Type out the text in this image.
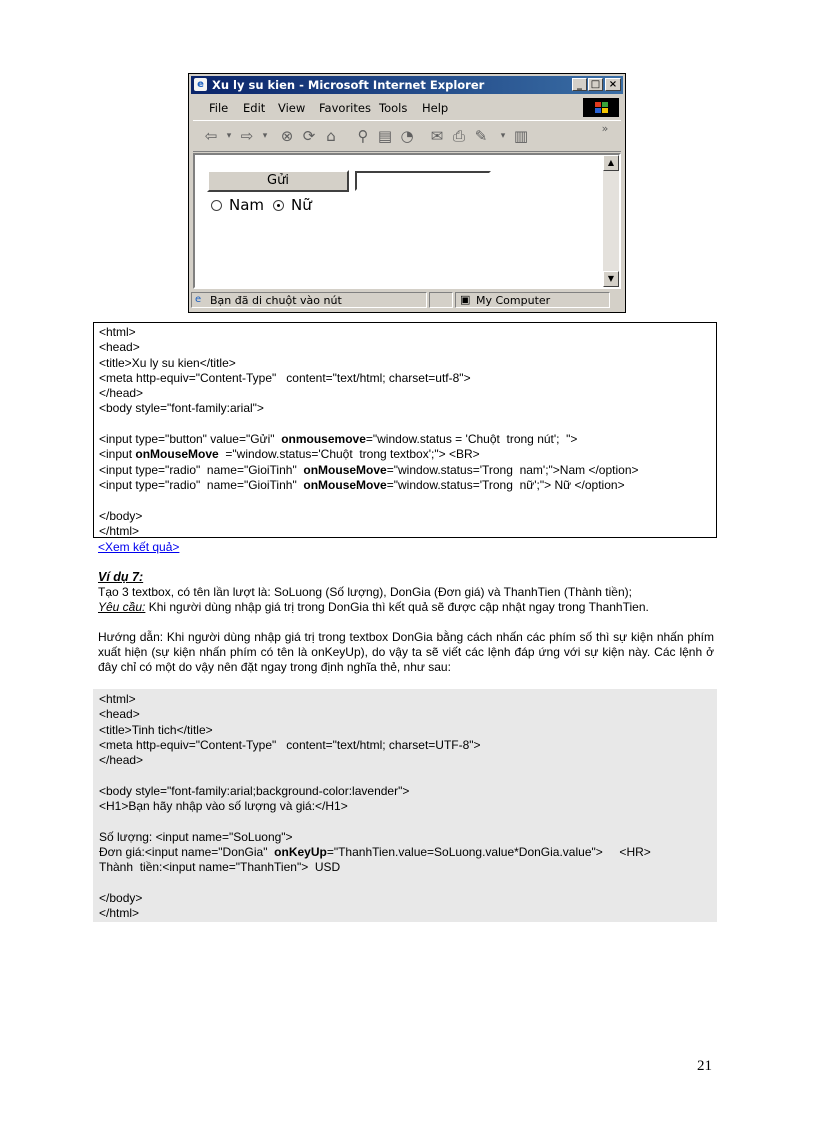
e Xu ly su kien - Microsoft Internet Explorer	_ □ ×
File Edit View Favorites Tools Help
⇦	▾ ⇨	▾ ⊗ ⟳ ⌂	⚲ ▤ ◔ ✉ ⎙ ✎	▾ ▥	»
Gửi
Nam Nữ
▲
▼
e Bạn đã di chuột vào nút	▣ My Computer
<html>
<head>
<title>Xu ly su kien</title>
<meta http-equiv="Content-Type"   content="text/html; charset=utf-8">
</head>
<body style="font-family:arial">
<input type="button" value="Gửi"  onmousemove="window.status = 'Chuột  trong nút';  ">
<input onMouseMove  ="window.status='Chuột  trong textbox';"> <BR>
<input type="radio"  name="GioiTinh"  onMouseMove="window.status='Trong  nam';">Nam </option>
<input type="radio"  name="GioiTinh"  onMouseMove="window.status='Trong  nữ';"> Nữ </option>
</body>
</html>
<Xem kết quả>
Ví dụ 7:
Tạo 3 textbox, có tên lần lượt là: SoLuong (Số lượng), DonGia (Đơn giá) và ThanhTien (Thành tiền);
Yêu cầu: Khi người dùng nhập giá trị trong DonGia thì kết quả sẽ được cập nhật ngay trong ThanhTien.
Hướng dẫn: Khi người dùng nhập giá trị trong textbox DonGia bằng cách nhấn các phím số thì sự kiện nhấn phím xuất hiện (sự kiện nhấn phím có tên là onKeyUp), do vậy ta sẽ viết các lệnh đáp ứng với sự kiện này. Các lệnh ở đây chỉ có một do vậy nên đặt ngay trong định nghĩa thẻ, như sau:
<html>
<head>
<title>Tinh tich</title>
<meta http-equiv="Content-Type"   content="text/html; charset=UTF-8">
</head>
<body style="font-family:arial;background-color:lavender">
<H1>Bạn hãy nhập vào số lượng và giá:</H1>
Số lượng: <input name="SoLuong">
Đơn giá:<input name="DonGia"  onKeyUp="ThanhTien.value=SoLuong.value*DonGia.value">     <HR>
Thành  tiền:<input name="ThanhTien">  USD
</body>
</html>
21
